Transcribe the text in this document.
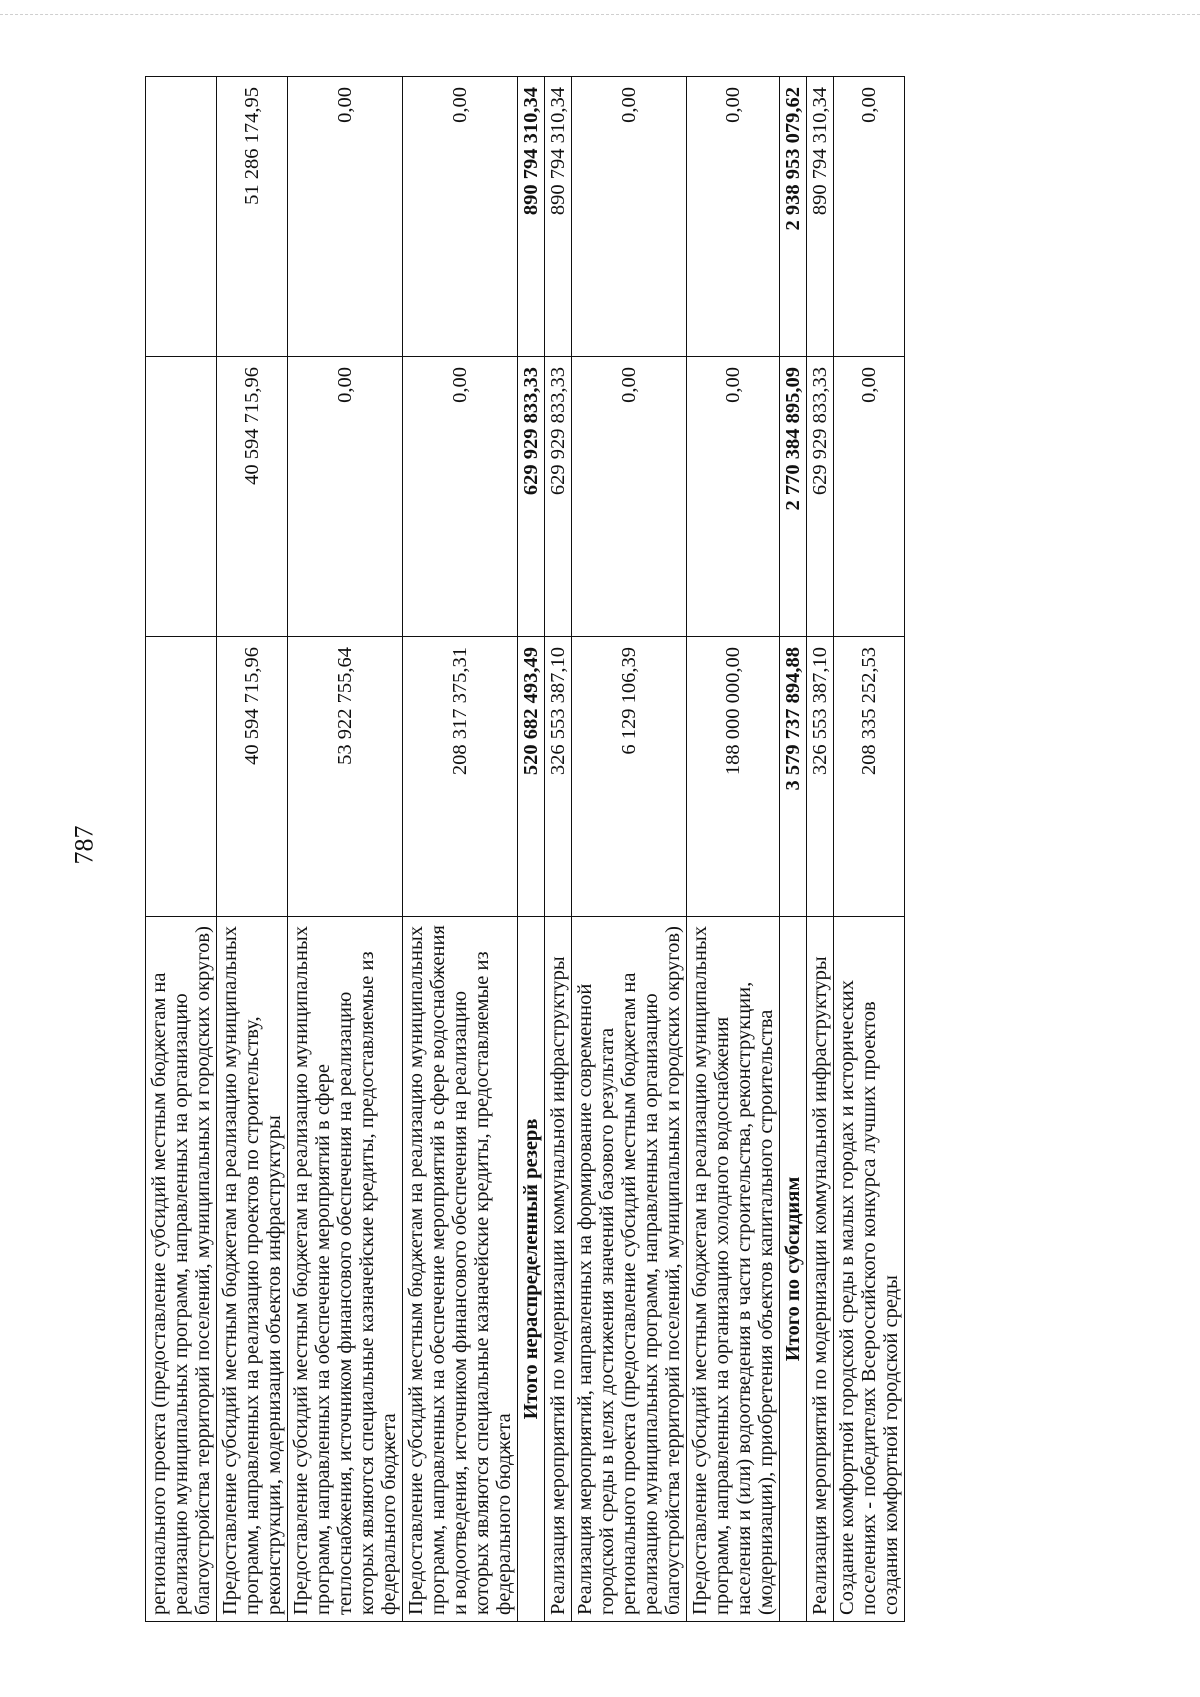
787
регионального проекта (предоставление субсидий местным бюджетам на реализацию муниципальных программ, направленных на организацию благоустройства территорий поселений, муниципальных и городских округов)			
Предоставление субсидий местным бюджетам на реализацию муниципальных программ, направленных на реализацию проектов по строительству, реконструкции, модернизации объектов инфраструктуры	40 594 715,96	40 594 715,96	51 286 174,95
Предоставление субсидий местным бюджетам на реализацию муниципальных программ, направленных на обеспечение мероприятий в сфере теплоснабжения, источником финансового обеспечения на реализацию которых являются специальные казначейские кредиты, предоставляемые из федерального бюджета	53 922 755,64	0,00	0,00
Предоставление субсидий местным бюджетам на реализацию муниципальных программ, направленных на обеспечение мероприятий в сфере водоснабжения и водоотведения, источником финансового обеспечения на реализацию которых являются специальные казначейские кредиты, предоставляемые из федерального бюджета	208 317 375,31	0,00	0,00
Итого нераспределенный резерв	520 682 493,49	629 929 833,33	890 794 310,34
Реализация мероприятий по модернизации коммунальной инфраструктуры	326 553 387,10	629 929 833,33	890 794 310,34
Реализация мероприятий, направленных на формирование современной городской среды в целях достижения значений базового результата регионального проекта (предоставление субсидий местным бюджетам на реализацию муниципальных программ, направленных на организацию благоустройства территорий поселений, муниципальных и городских округов)	6 129 106,39	0,00	0,00
Предоставление субсидий местным бюджетам на реализацию муниципальных программ, направленных на организацию холодного водоснабжения населения и (или) водоотведения в части строительства, реконструкции, (модернизации), приобретения объектов капитального строительства	188 000 000,00	0,00	0,00
Итого по субсидиям	3 579 737 894,88	2 770 384 895,09	2 938 953 079,62
Реализация мероприятий по модернизации коммунальной инфраструктуры	326 553 387,10	629 929 833,33	890 794 310,34
Создание комфортной городской среды в малых городах и исторических поселениях - победителях Всероссийского конкурса лучших проектов создания комфортной городской среды	208 335 252,53	0,00	0,00
